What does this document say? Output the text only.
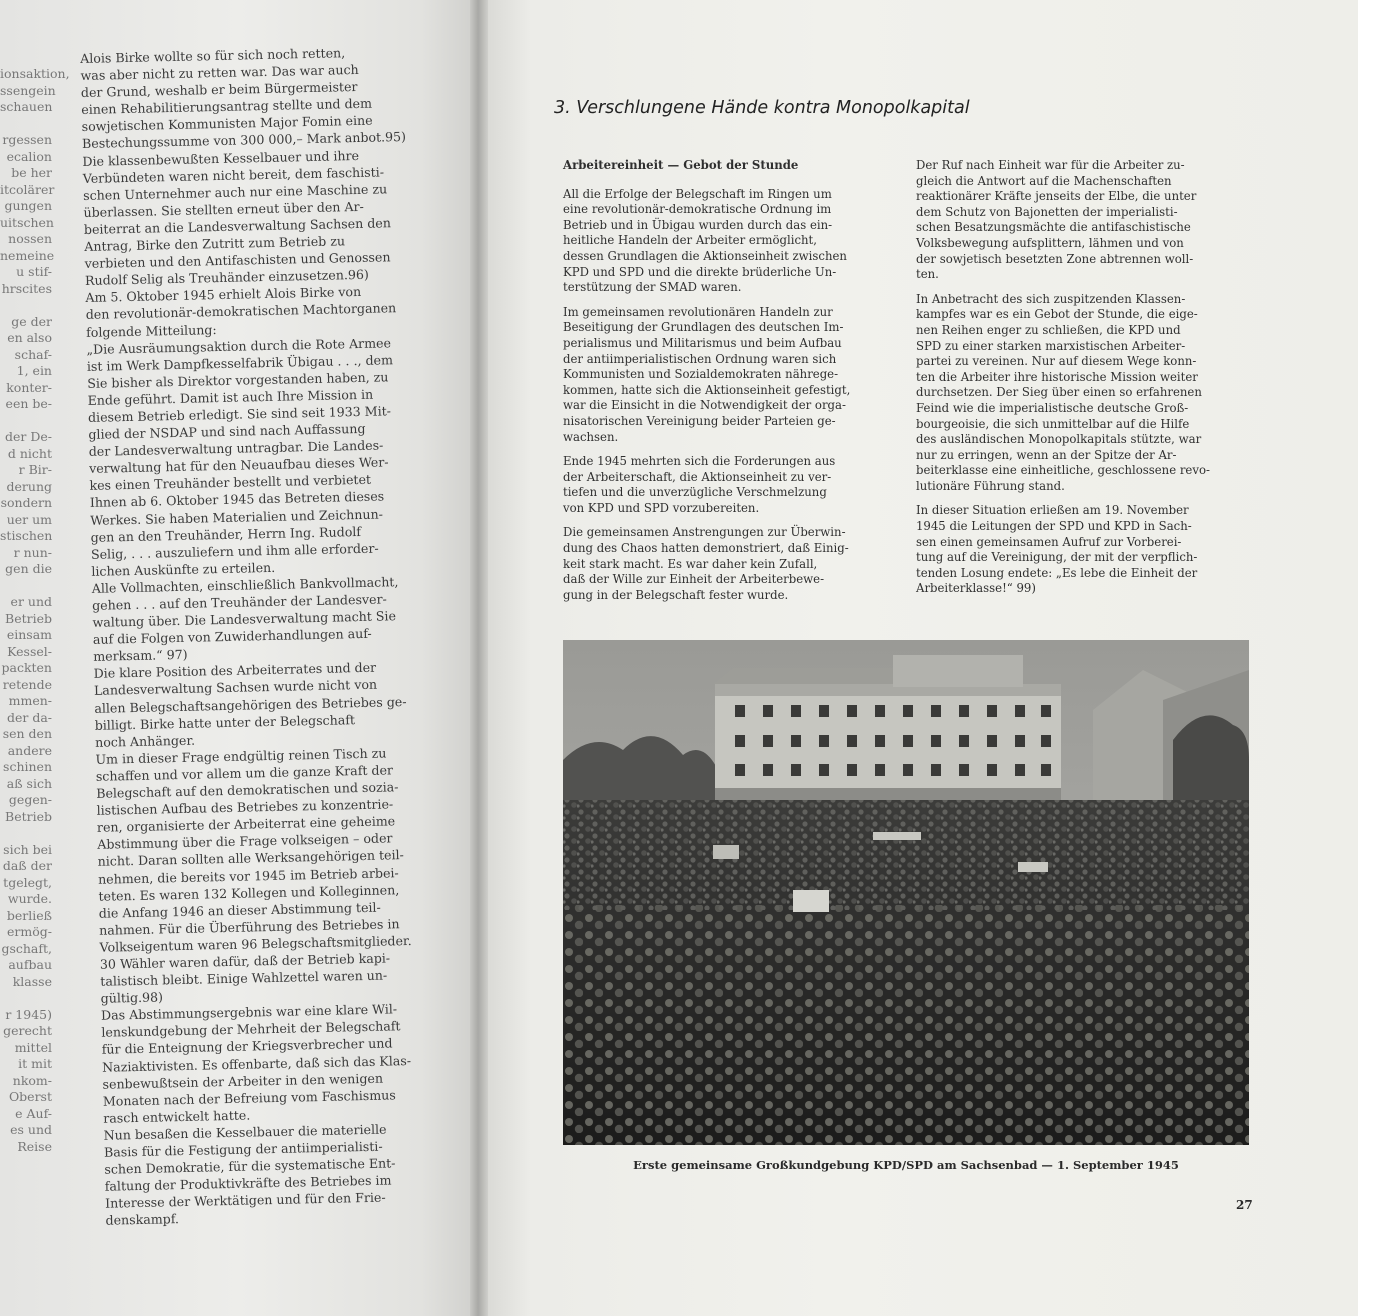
ionsaktion,
ssengein
schauen
rgessen
ecalion
be her
itcolärer
gungen
uitschen
nossen
nemeine
u stif-
hrscites
ge der
en also
schaf-
1, ein
konter-
een be-
der De-
d nicht
r Bir-
derung
sondern
uer um
stischen
r nun-
gen die
er und
Betrieb
einsam
Kessel-
packten
retende
mmen-
der da-
sen den
andere
schinen
aß sich
gegen-
Betrieb
sich bei
daß der
tgelegt,
wurde.
berließ
ermög-
gschaft,
aufbau
klasse
r 1945)
gerecht
mittel
it mit
nkom-
Oberst
e Auf-
es und
Reise
Alois Birke wollte so für sich noch retten,
was aber nicht zu retten war. Das war auch
der Grund, weshalb er beim Bürgermeister
einen Rehabilitierungsantrag stellte und dem
sowjetischen Kommunisten Major Fomin eine
Bestechungssumme von 300 000,– Mark anbot.95)
Die klassenbewußten Kesselbauer und ihre
Verbündeten waren nicht bereit, dem faschisti-
schen Unternehmer auch nur eine Maschine zu
überlassen. Sie stellten erneut über den Ar-
beiterrat an die Landesverwaltung Sachsen den
Antrag, Birke den Zutritt zum Betrieb zu
verbieten und den Antifaschisten und Genossen
Rudolf Selig als Treuhänder einzusetzen.96)
Am 5. Oktober 1945 erhielt Alois Birke von
den revolutionär-demokratischen Machtorganen
folgende Mitteilung:
„Die Ausräumungsaktion durch die Rote Armee
ist im Werk Dampfkesselfabrik Übigau . . ., dem
Sie bisher als Direktor vorgestanden haben, zu
Ende geführt. Damit ist auch Ihre Mission in
diesem Betrieb erledigt. Sie sind seit 1933 Mit-
glied der NSDAP und sind nach Auffassung
der Landesverwaltung untragbar. Die Landes-
verwaltung hat für den Neuaufbau dieses Wer-
kes einen Treuhänder bestellt und verbietet
Ihnen ab 6. Oktober 1945 das Betreten dieses
Werkes. Sie haben Materialien und Zeichnun-
gen an den Treuhänder, Herrn Ing. Rudolf
Selig, . . . auszuliefern und ihm alle erforder-
lichen Auskünfte zu erteilen.
Alle Vollmachten, einschließlich Bankvollmacht,
gehen . . . auf den Treuhänder der Landesver-
waltung über. Die Landesverwaltung macht Sie
auf die Folgen von Zuwiderhandlungen auf-
merksam.“ 97)
Die klare Position des Arbeiterrates und der
Landesverwaltung Sachsen wurde nicht von
allen Belegschaftsangehörigen des Betriebes ge-
billigt. Birke hatte unter der Belegschaft
noch Anhänger.
Um in dieser Frage endgültig reinen Tisch zu
schaffen und vor allem um die ganze Kraft der
Belegschaft auf den demokratischen und sozia-
listischen Aufbau des Betriebes zu konzentrie-
ren, organisierte der Arbeiterrat eine geheime
Abstimmung über die Frage volkseigen – oder
nicht. Daran sollten alle Werksangehörigen teil-
nehmen, die bereits vor 1945 im Betrieb arbei-
teten. Es waren 132 Kollegen und Kolleginnen,
die Anfang 1946 an dieser Abstimmung teil-
nahmen. Für die Überführung des Betriebes in
Volkseigentum waren 96 Belegschaftsmitglieder.
30 Wähler waren dafür, daß der Betrieb kapi-
talistisch bleibt. Einige Wahlzettel waren un-
gültig.98)
Das Abstimmungsergebnis war eine klare Wil-
lenskundgebung der Mehrheit der Belegschaft
für die Enteignung der Kriegsverbrecher und
Naziaktivisten. Es offenbarte, daß sich das Klas-
senbewußtsein der Arbeiter in den wenigen
Monaten nach der Befreiung vom Faschismus
rasch entwickelt hatte.
Nun besaßen die Kesselbauer die materielle
Basis für die Festigung der antiimperialisti-
schen Demokratie, für die systematische Ent-
faltung der Produktivkräfte des Betriebes im
Interesse der Werktätigen und für den Frie-
denskampf.
3. Verschlungene Hände kontra Monopolkapital
Arbeitereinheit — Gebot der Stunde
All die Erfolge der Belegschaft im Ringen um
eine revolutionär-demokratische Ordnung im
Betrieb und in Übigau wurden durch das ein-
heitliche Handeln der Arbeiter ermöglicht,
dessen Grundlagen die Aktionseinheit zwischen
KPD und SPD und die direkte brüderliche Un-
terstützung der SMAD waren.
Im gemeinsamen revolutionären Handeln zur
Beseitigung der Grundlagen des deutschen Im-
perialismus und Militarismus und beim Aufbau
der antiimperialistischen Ordnung waren sich
Kommunisten und Sozialdemokraten nährege-
kommen, hatte sich die Aktionseinheit gefestigt,
war die Einsicht in die Notwendigkeit der orga-
nisatorischen Vereinigung beider Parteien ge-
wachsen.
Ende 1945 mehrten sich die Forderungen aus
der Arbeiterschaft, die Aktionseinheit zu ver-
tiefen und die unverzügliche Verschmelzung
von KPD und SPD vorzubereiten.
Die gemeinsamen Anstrengungen zur Überwin-
dung des Chaos hatten demonstriert, daß Einig-
keit stark macht. Es war daher kein Zufall,
daß der Wille zur Einheit der Arbeiterbewe-
gung in der Belegschaft fester wurde.
Der Ruf nach Einheit war für die Arbeiter zu-
gleich die Antwort auf die Machenschaften
reaktionärer Kräfte jenseits der Elbe, die unter
dem Schutz von Bajonetten der imperialisti-
schen Besatzungsmächte die antifaschistische
Volksbewegung aufsplittern, lähmen und von
der sowjetisch besetzten Zone abtrennen woll-
ten.
In Anbetracht des sich zuspitzenden Klassen-
kampfes war es ein Gebot der Stunde, die eige-
nen Reihen enger zu schließen, die KPD und
SPD zu einer starken marxistischen Arbeiter-
partei zu vereinen. Nur auf diesem Wege konn-
ten die Arbeiter ihre historische Mission weiter
durchsetzen. Der Sieg über einen so erfahrenen
Feind wie die imperialistische deutsche Groß-
bourgeoisie, die sich unmittelbar auf die Hilfe
des ausländischen Monopolkapitals stützte, war
nur zu erringen, wenn an der Spitze der Ar-
beiterklasse eine einheitliche, geschlossene revo-
lutionäre Führung stand.
In dieser Situation erließen am 19. November
1945 die Leitungen der SPD und KPD in Sach-
sen einen gemeinsamen Aufruf zur Vorberei-
tung auf die Vereinigung, der mit der verpflich-
tenden Losung endete: „Es lebe die Einheit der
Arbeiterklasse!“ 99)
Erste gemeinsame Großkundgebung KPD/SPD am Sachsenbad — 1. September 1945
27
